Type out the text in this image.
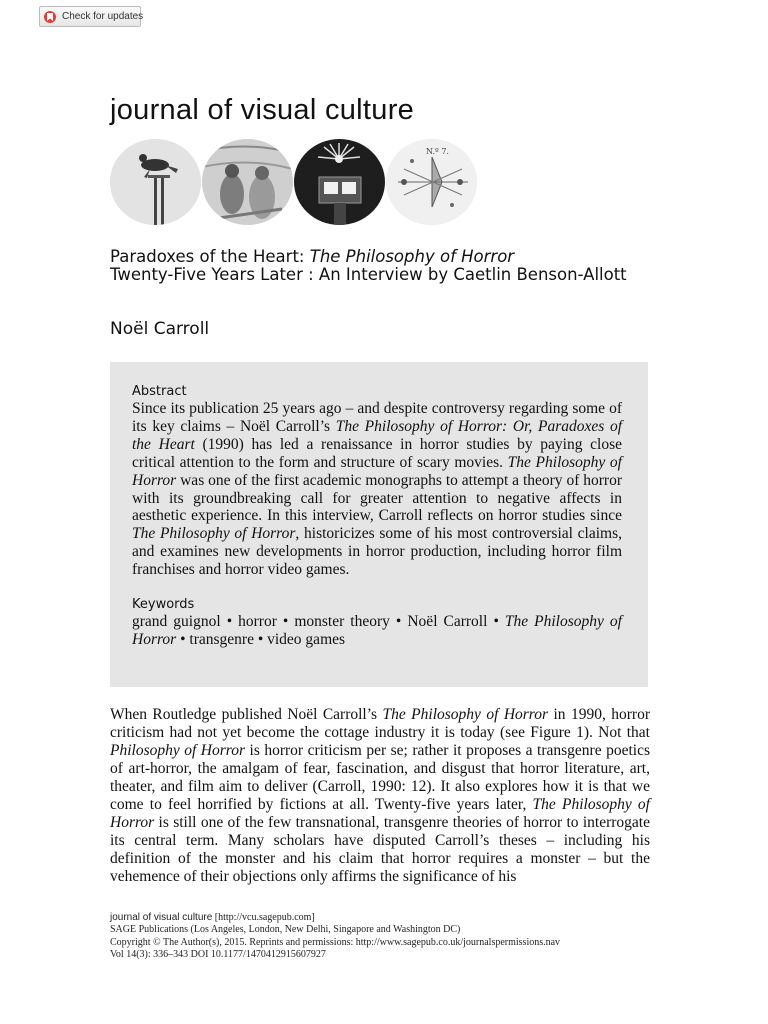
Check for updates
journal of visual culture
N.º 7.
Paradoxes of the Heart: The Philosophy of Horror
Twenty-Five Years Later : An Interview by Caetlin Benson-Allott

Noël Carroll

Abstract

Since its publication 25 years ago – and despite controversy regarding some of its key claims – Noël Carroll’s The Philosophy of Horror: Or, Paradoxes of the Heart (1990) has led a renaissance in horror studies by paying close critical attention to the form and structure of scary movies. The Philosophy of Horror was one of the first academic monographs to attempt a theory of horror with its groundbreaking call for greater attention to negative affects in aesthetic experience. In this interview, Carroll reflects on horror studies since The Philosophy of Horror, historicizes some of his most controversial claims, and examines new developments in horror production, including horror film franchises and horror video games.

Keywords

grand guignol • horror • monster theory • Noël Carroll • The Philosophy of Horror • transgenre • video games

When Routledge published Noël Carroll’s The Philosophy of Horror in 1990, horror criticism had not yet become the cottage industry it is today (see Figure 1). Not that Philosophy of Horror is horror criticism per se; rather it proposes a transgenre poetics of art-horror, the amalgam of fear, fascination, and disgust that horror literature, art, theater, and film aim to deliver (Carroll, 1990: 12). It also explores how it is that we come to feel horrified by fictions at all. Twenty-five years later, The Philosophy of Horror is still one of the few transnational, transgenre theories of horror to interrogate its central term. Many scholars have disputed Carroll’s theses – including his definition of the monster and his claim that horror requires a monster – but the vehemence of their objections only affirms the significance of his

journal of visual culture [http://vcu.sagepub.com]
SAGE Publications (Los Angeles, London, New Delhi, Singapore and Washington DC)
Copyright © The Author(s), 2015. Reprints and permissions: http://www.sagepub.co.uk/journalspermissions.nav
Vol 14(3): 336–343 DOI 10.1177/1470412915607927
